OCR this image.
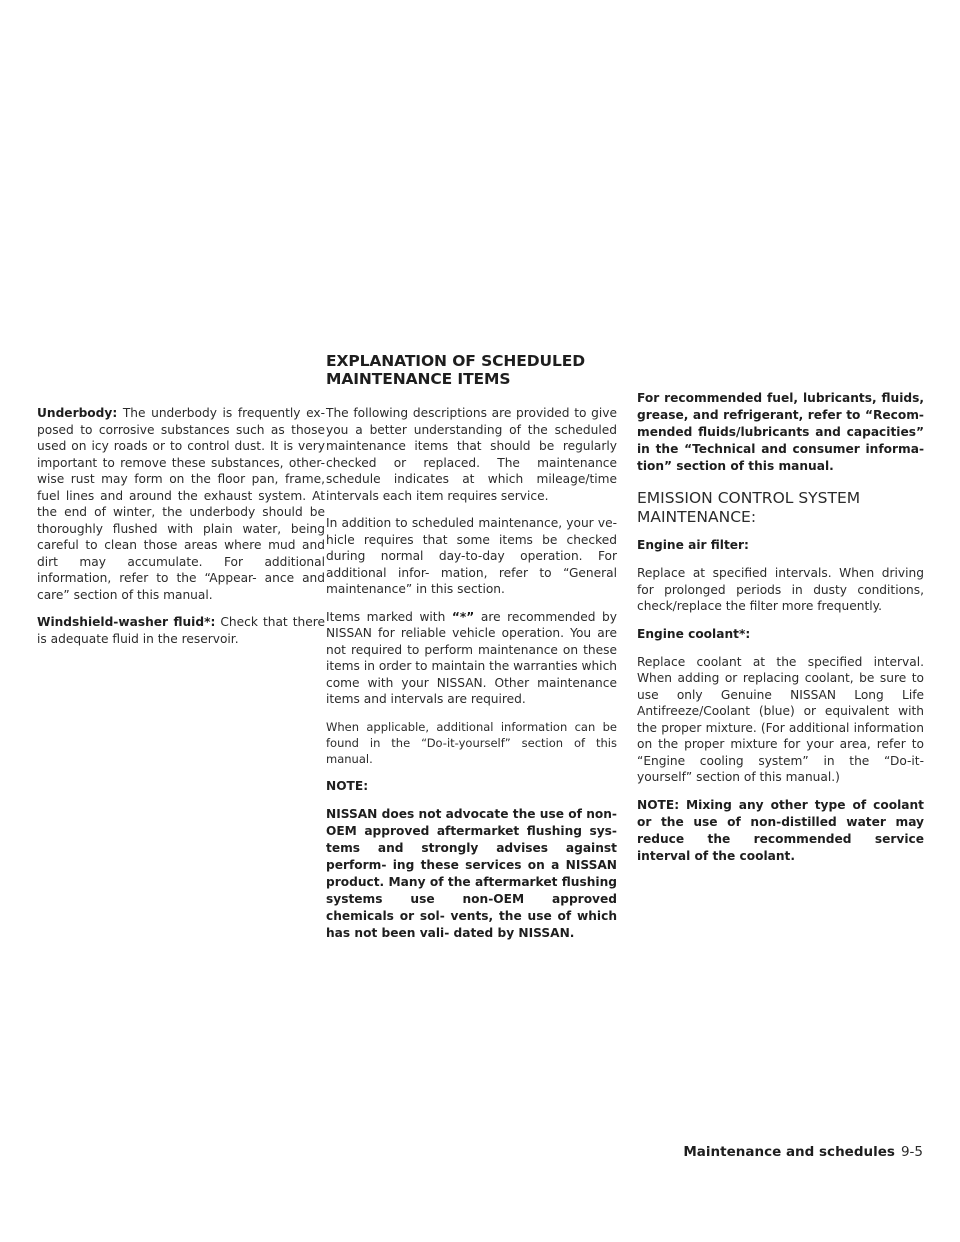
EXPLANATION OF SCHEDULED
MAINTENANCE ITEMS

Underbody: The underbody is frequently ex- posed to corrosive substances such as those used on icy roads or to control dust. It is very important to remove these substances, other- wise rust may form on the floor pan, frame, fuel lines and around the exhaust system. At the end of winter, the underbody should be thoroughly flushed with plain water, being careful to clean those areas where mud and dirt may accumulate. For additional information, refer to the “Appear- ance and care” section of this manual.

Windshield-washer fluid*: Check that there is adequate fluid in the reservoir.

The following descriptions are provided to give you a better understanding of the scheduled maintenance items that should be regularly checked or replaced. The maintenance schedule indicates at which mileage/time intervals each item requires service.

In addition to scheduled maintenance, your ve- hicle requires that some items be checked during normal day-to-day operation. For additional infor- mation, refer to “General maintenance” in this section.

Items marked with “*” are recommended by NISSAN for reliable vehicle operation. You are not required to perform maintenance on these items in order to maintain the warranties which come with your NISSAN. Other maintenance items and intervals are required.

When applicable, additional information can be found in the “Do-it-yourself” section of this manual.

NOTE:

NISSAN does not advocate the use of non- OEM approved aftermarket flushing sys- tems and strongly advises against perform- ing these services on a NISSAN product. Many of the aftermarket flushing systems use non-OEM approved chemicals or sol- vents, the use of which has not been vali- dated by NISSAN.

For recommended fuel, lubricants, fluids, grease, and refrigerant, refer to “Recom- mended fluids/lubricants and capacities” in the “Technical and consumer informa- tion” section of this manual.

EMISSION CONTROL SYSTEM
MAINTENANCE:

Engine air filter:

Replace at specified intervals. When driving for prolonged periods in dusty conditions, check/replace the filter more frequently.

Engine coolant*:

Replace coolant at the specified interval. When adding or replacing coolant, be sure to use only Genuine NISSAN Long Life Antifreeze/Coolant (blue) or equivalent with the proper mixture. (For additional information on the proper mixture for your area, refer to “Engine cooling system” in the “Do-it-yourself” section of this manual.)

NOTE: Mixing any other type of coolant or the use of non-distilled water may reduce the recommended service interval of the coolant.

Maintenance and schedules 9-5
